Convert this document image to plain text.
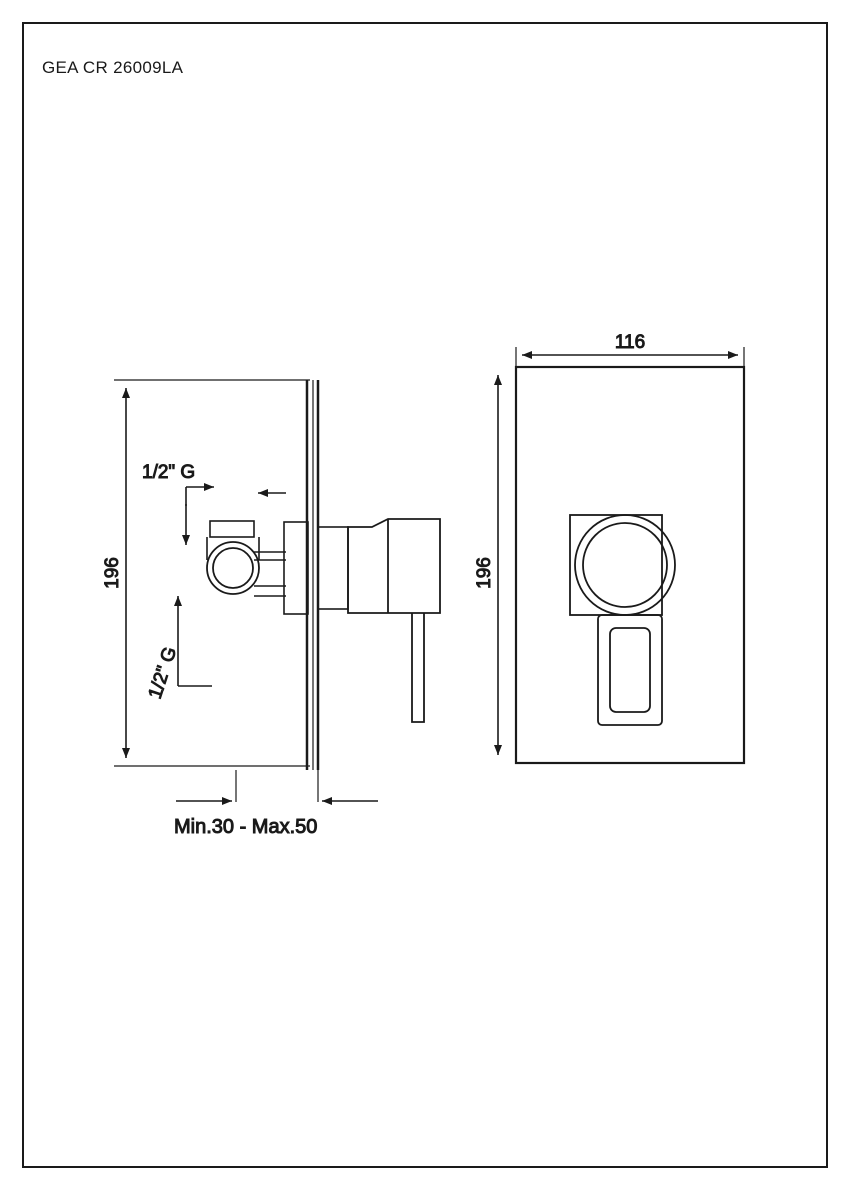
GEA CR 26009LA
196
1/2" G
1/2" G
Min.30 - Max.50
116
196
